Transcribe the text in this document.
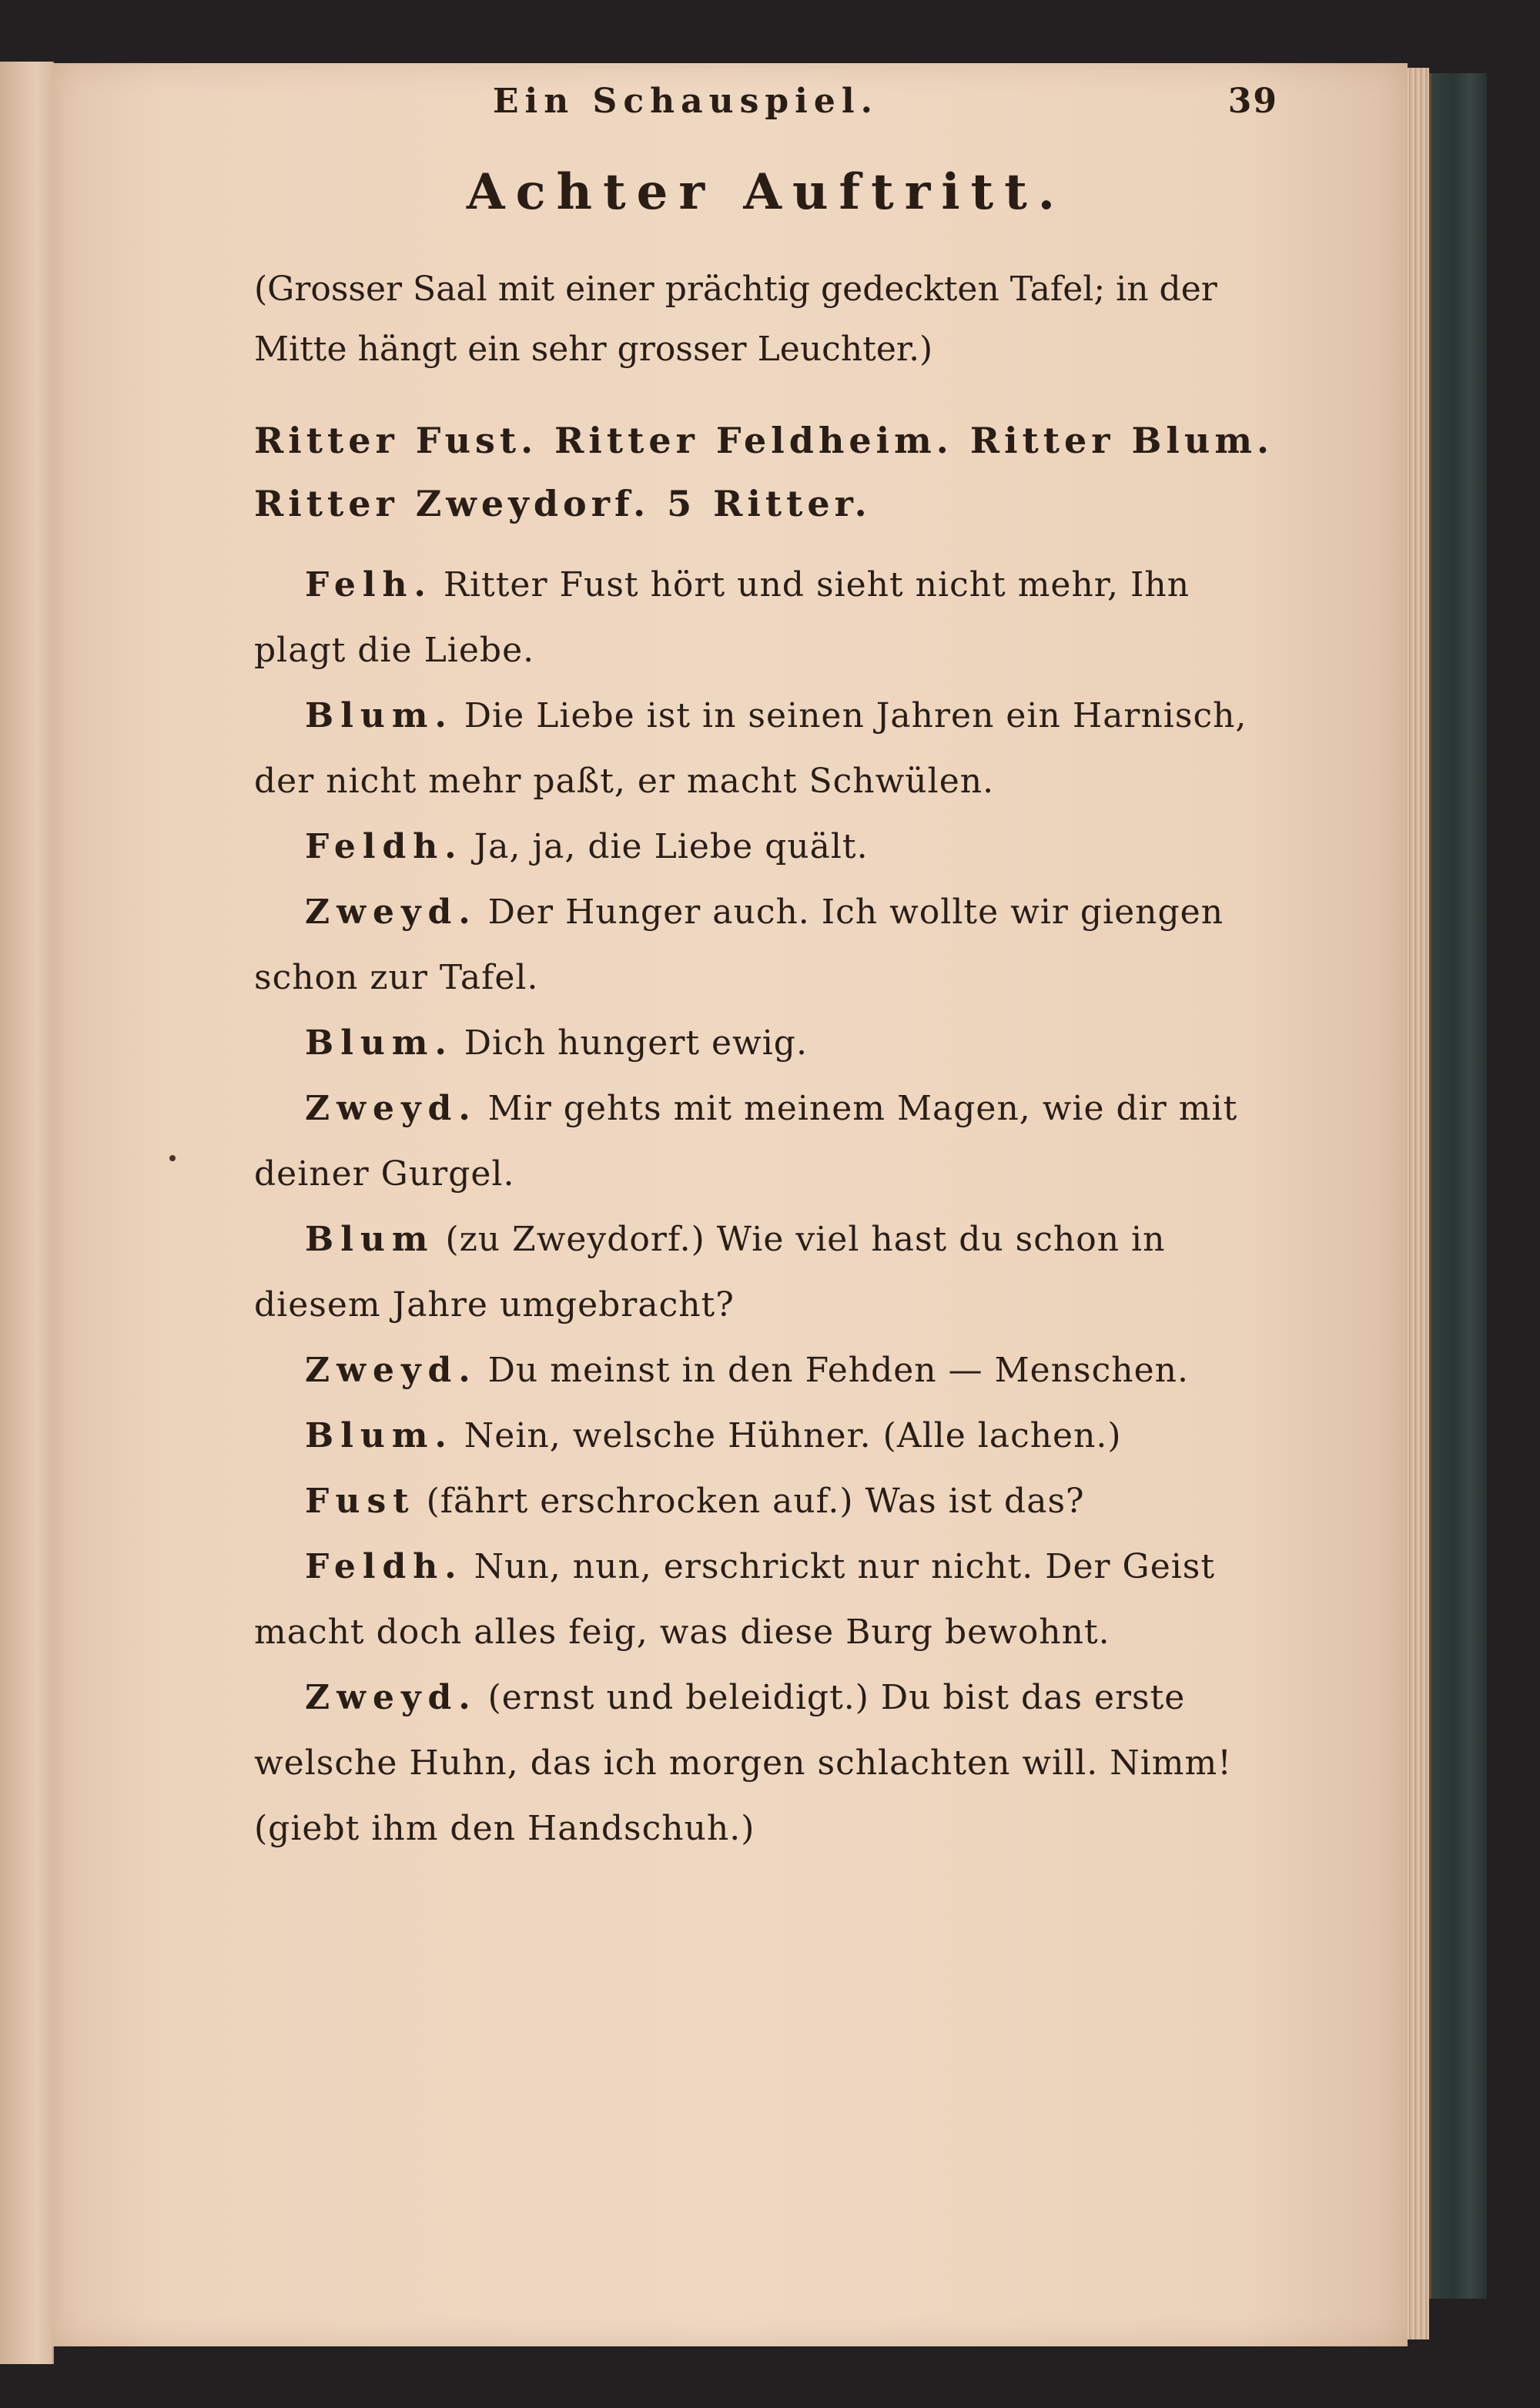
Ein Schauspiel.	39
Achter Auftritt.

(Grosser Saal mit einer prächtig gedeckten Tafel; in der Mitte hängt ein sehr grosser Leuchter.)

Ritter Fust. Ritter Feldheim. Ritter Blum. Ritter Zweydorf. 5 Ritter.

Felh. Ritter Fust hört und sieht nicht mehr, Ihn plagt die Liebe.

Blum. Die Liebe ist in seinen Jahren ein Harnisch, der nicht mehr paßt, er macht Schwülen.

Feldh. Ja, ja, die Liebe quält.

Zweyd. Der Hunger auch. Ich wollte wir giengen schon zur Tafel.

Blum. Dich hungert ewig.

Zweyd. Mir gehts mit meinem Magen, wie dir mit deiner Gurgel.

Blum (zu Zweydorf.) Wie viel hast du schon in diesem Jahre umgebracht?

Zweyd. Du meinst in den Fehden — Menschen.

Blum. Nein, welsche Hühner. (Alle lachen.)

Fust (fährt erschrocken auf.) Was ist das?

Feldh. Nun, nun, erschrickt nur nicht. Der Geist macht doch alles feig, was diese Burg bewohnt.

Zweyd. (ernst und beleidigt.) Du bist das erste welsche Huhn, das ich morgen schlachten will. Nimm! (giebt ihm den Handschuh.)
